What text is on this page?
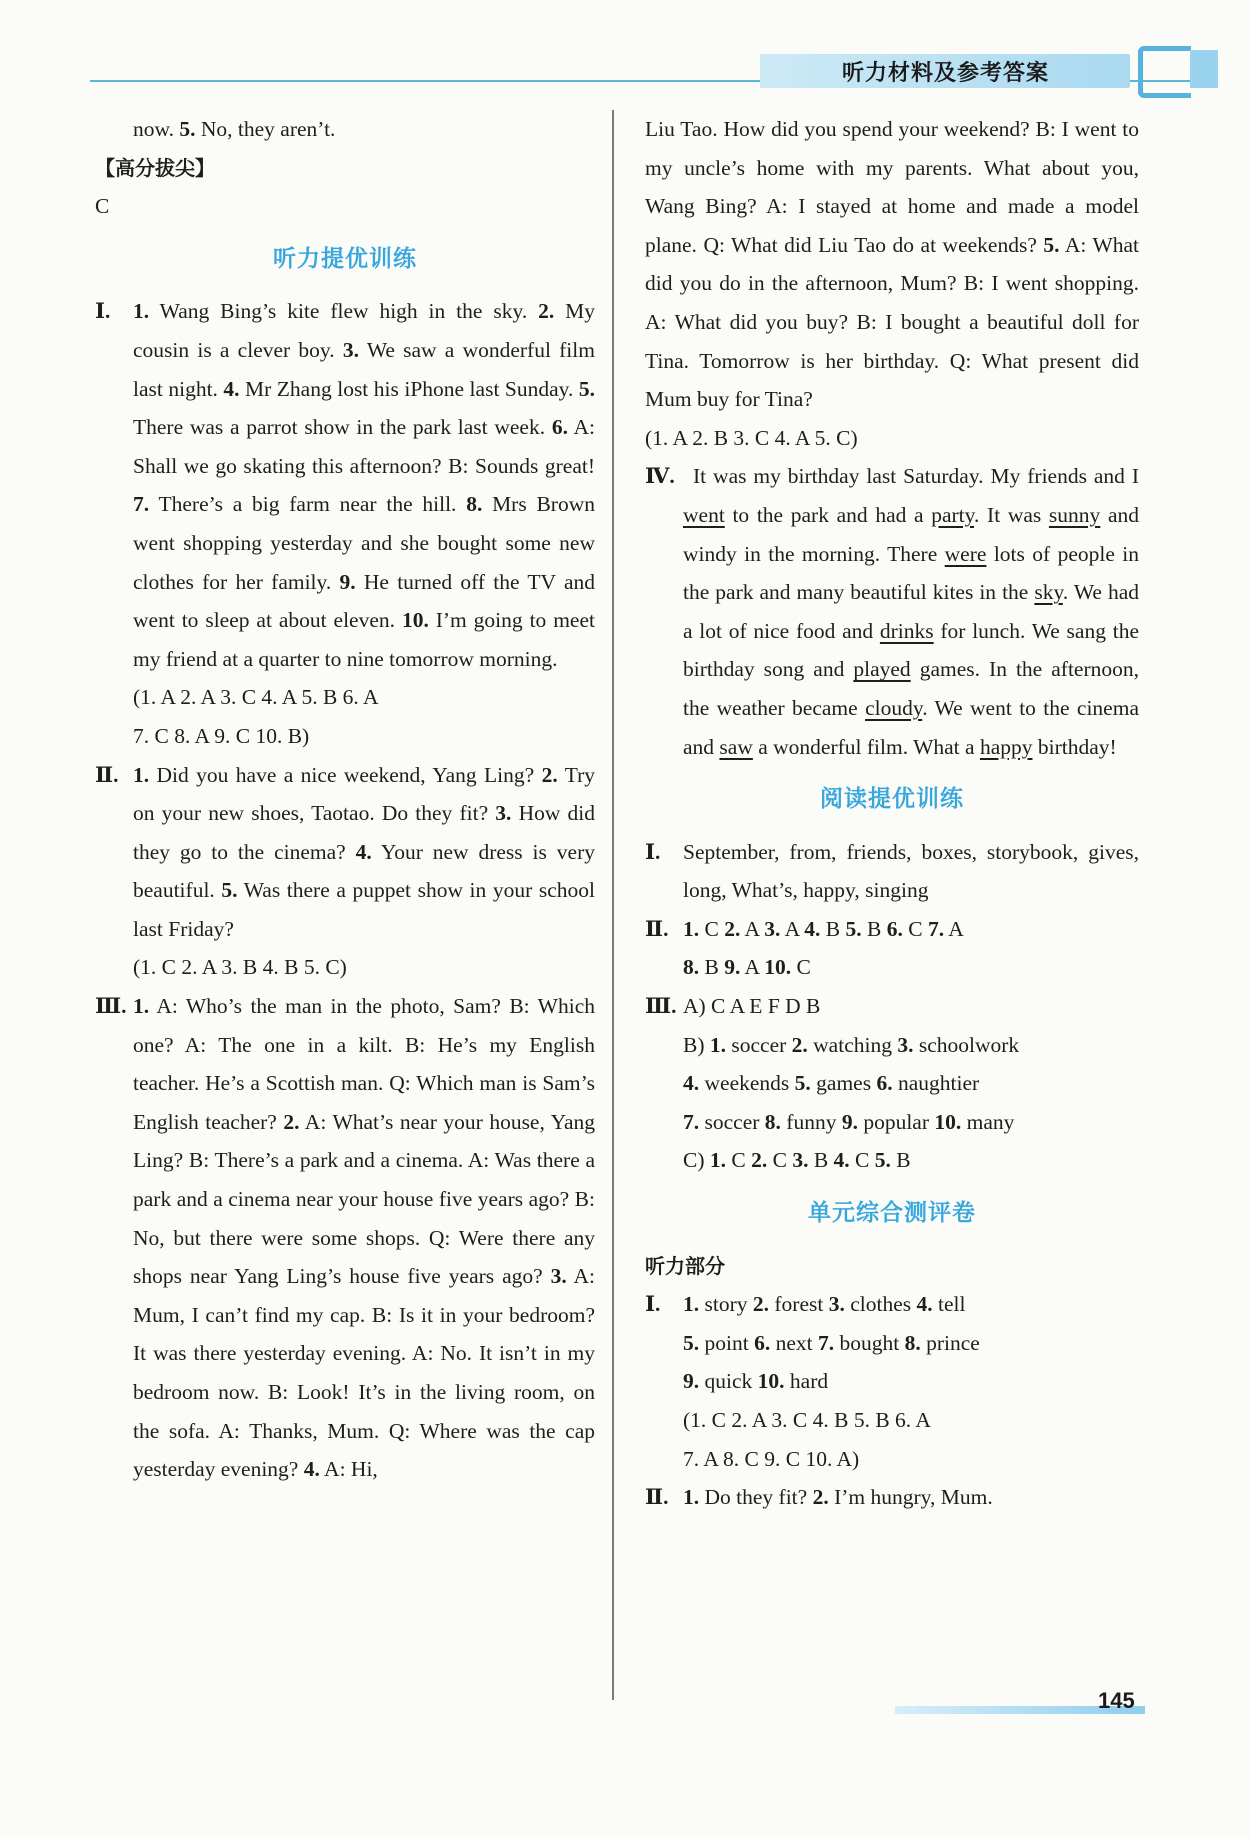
听力材料及参考答案

now. 5. No, they aren’t.

【高分拔尖】

C

听力提优训练

Ⅰ. 1. Wang Bing’s kite flew high in the sky. 2. My cousin is a clever boy. 3. We saw a wonderful film last night. 4. Mr Zhang lost his iPhone last Sunday. 5. There was a parrot show in the park last week. 6. A: Shall we go skating this afternoon? B: Sounds great! 7. There’s a big farm near the hill. 8. Mrs Brown went shopping yesterday and she bought some new clothes for her family. 9. He turned off the TV and went to sleep at about eleven. 10. I’m going to meet my friend at a quarter to nine tomorrow morning.

(1. A 2. A 3. C 4. A 5. B 6. A

7. C 8. A 9. C 10. B)

Ⅱ. 1. Did you have a nice weekend, Yang Ling? 2. Try on your new shoes, Taotao. Do they fit? 3. How did they go to the cinema? 4. Your new dress is very beautiful. 5. Was there a puppet show in your school last Friday?

(1. C 2. A 3. B 4. B 5. C)

Ⅲ. 1. A: Who’s the man in the photo, Sam? B: Which one? A: The one in a kilt. B: He’s my English teacher. He’s a Scottish man. Q: Which man is Sam’s English teacher? 2. A: What’s near your house, Yang Ling? B: There’s a park and a cinema. A: Was there a park and a cinema near your house five years ago? B: No, but there were some shops. Q: Were there any shops near Yang Ling’s house five years ago? 3. A: Mum, I can’t find my cap. B: Is it in your bedroom? It was there yesterday evening. A: No. It isn’t in my bedroom now. B: Look! It’s in the living room, on the sofa. A: Thanks, Mum. Q: Where was the cap yesterday evening? 4. A: Hi,

Liu Tao. How did you spend your weekend? B: I went to my uncle’s home with my parents. What about you, Wang Bing? A: I stayed at home and made a model plane. Q: What did Liu Tao do at weekends? 5. A: What did you do in the afternoon, Mum? B: I went shopping. A: What did you buy? B: I bought a beautiful doll for Tina. Tomorrow is her birthday. Q: What present did Mum buy for Tina?

(1. A 2. B 3. C 4. A 5. C)

Ⅳ. It was my birthday last Saturday. My friends and I went to the park and had a party. It was sunny and windy in the morning. There were lots of people in the park and many beautiful kites in the sky. We had a lot of nice food and drinks for lunch. We sang the birthday song and played games. In the afternoon, the weather became cloudy. We went to the cinema and saw a wonderful film. What a happy birthday!

阅读提优训练

Ⅰ. September, from, friends, boxes, storybook, gives, long, What’s, happy, singing

Ⅱ. 1. C 2. A 3. A 4. B 5. B 6. C 7. A

8. B 9. A 10. C

Ⅲ. A) C A E F D B

B) 1. soccer 2. watching 3. schoolwork

4. weekends 5. games 6. naughtier

7. soccer 8. funny 9. popular 10. many

C) 1. C 2. C 3. B 4. C 5. B

单元综合测评卷

听力部分

Ⅰ. 1. story 2. forest 3. clothes 4. tell

5. point 6. next 7. bought 8. prince

9. quick 10. hard

(1. C 2. A 3. C 4. B 5. B 6. A

7. A 8. C 9. C 10. A)

Ⅱ. 1. Do they fit? 2. I’m hungry, Mum.

145
